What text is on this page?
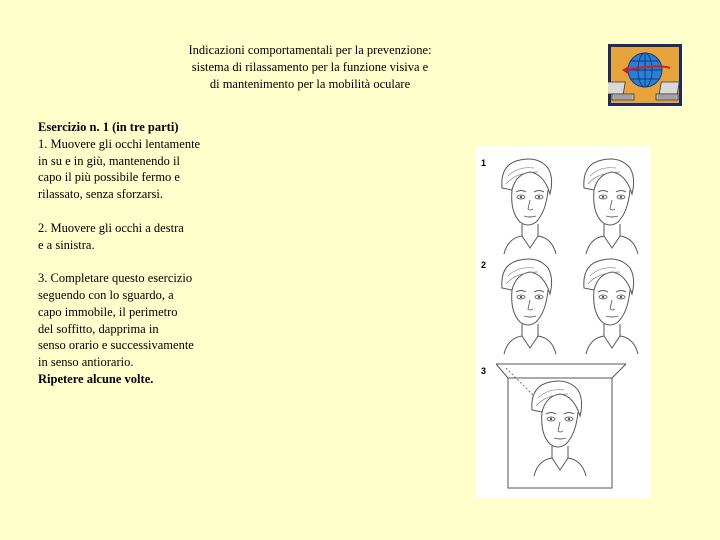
Indicazioni comportamentali per la prevenzione:
sistema di rilassamento per la funzione visiva e
di mantenimento per la mobilità oculare
Esercizio n. 1 (in tre parti)
1. Muovere gli occhi lentamente
in su e in giù, mantenendo il
capo il più possibile fermo e
rilassato, senza sforzarsi.
2. Muovere gli occhi a destra
e a sinistra.
3. Completare questo esercizio
seguendo con lo sguardo, a
capo immobile, il perimetro
del soffitto, dapprima in
senso orario e successivamente
in senso antiorario.
Ripetere alcune volte.
1
2
3
